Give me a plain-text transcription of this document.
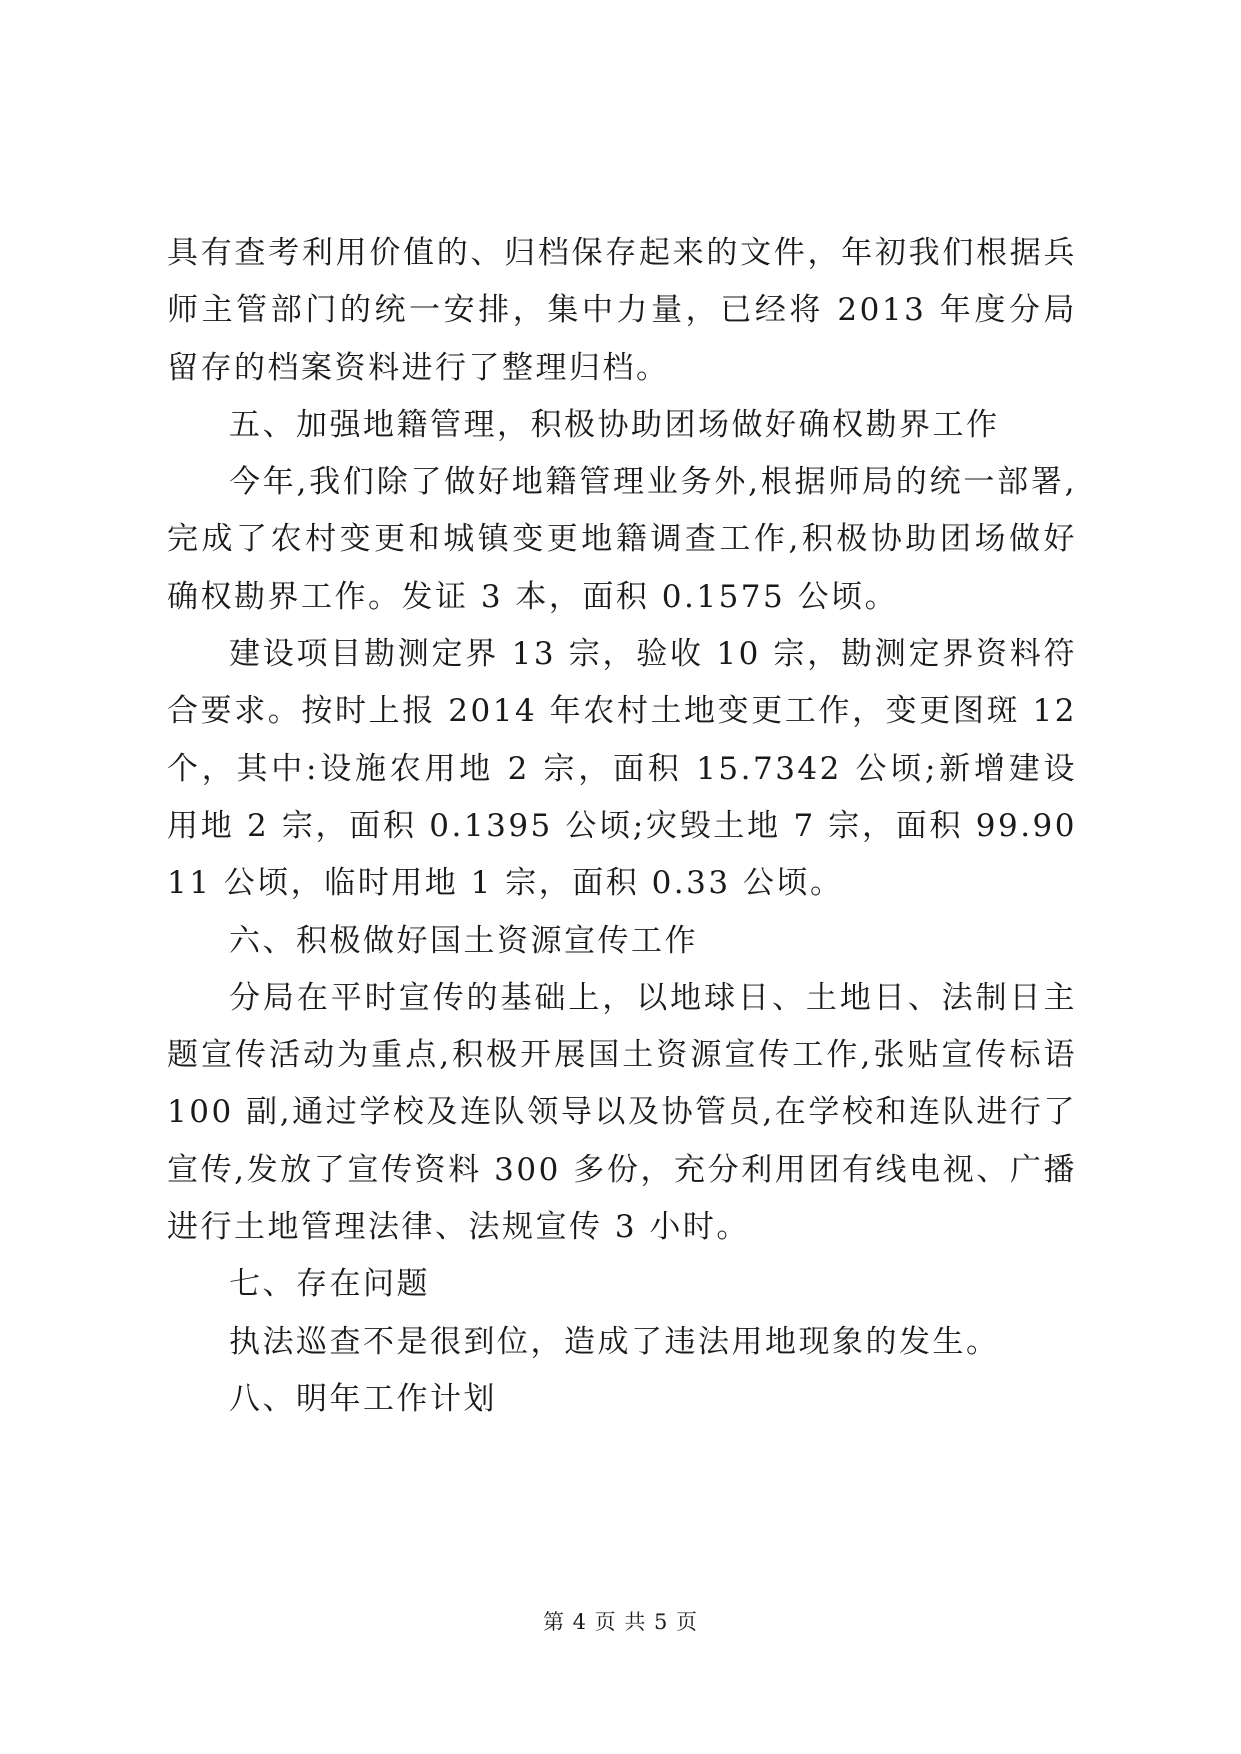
具有查考利用价值的、归档保存起来的文件，年初我们根据兵师主管部门的统一安排，集中力量，已经将 2013 年度分局留存的档案资料进行了整理归档。

五、加强地籍管理，积极协助团场做好确权勘界工作

今年,我们除了做好地籍管理业务外,根据师局的统一部署,完成了农村变更和城镇变更地籍调查工作,积极协助团场做好确权勘界工作。发证 3 本，面积 0.1575 公顷。

建设项目勘测定界 13 宗，验收 10 宗，勘测定界资料符合要求。按时上报 2014 年农村土地变更工作，变更图斑 12 个，其中:设施农用地 2 宗，面积 15.7342 公顷;新增建设用地 2 宗，面积 0.1395 公顷;灾毁土地 7 宗，面积 99.9011 公顷，临时用地 1 宗，面积 0.33 公顷。

六、积极做好国土资源宣传工作

分局在平时宣传的基础上，以地球日、土地日、法制日主题宣传活动为重点,积极开展国土资源宣传工作,张贴宣传标语 100 副,通过学校及连队领导以及协管员,在学校和连队进行了宣传,发放了宣传资料 300 多份，充分利用团有线电视、广播进行土地管理法律、法规宣传 3 小时。

七、存在问题

执法巡查不是很到位，造成了违法用地现象的发生。

八、明年工作计划

第 4 页 共 5 页
